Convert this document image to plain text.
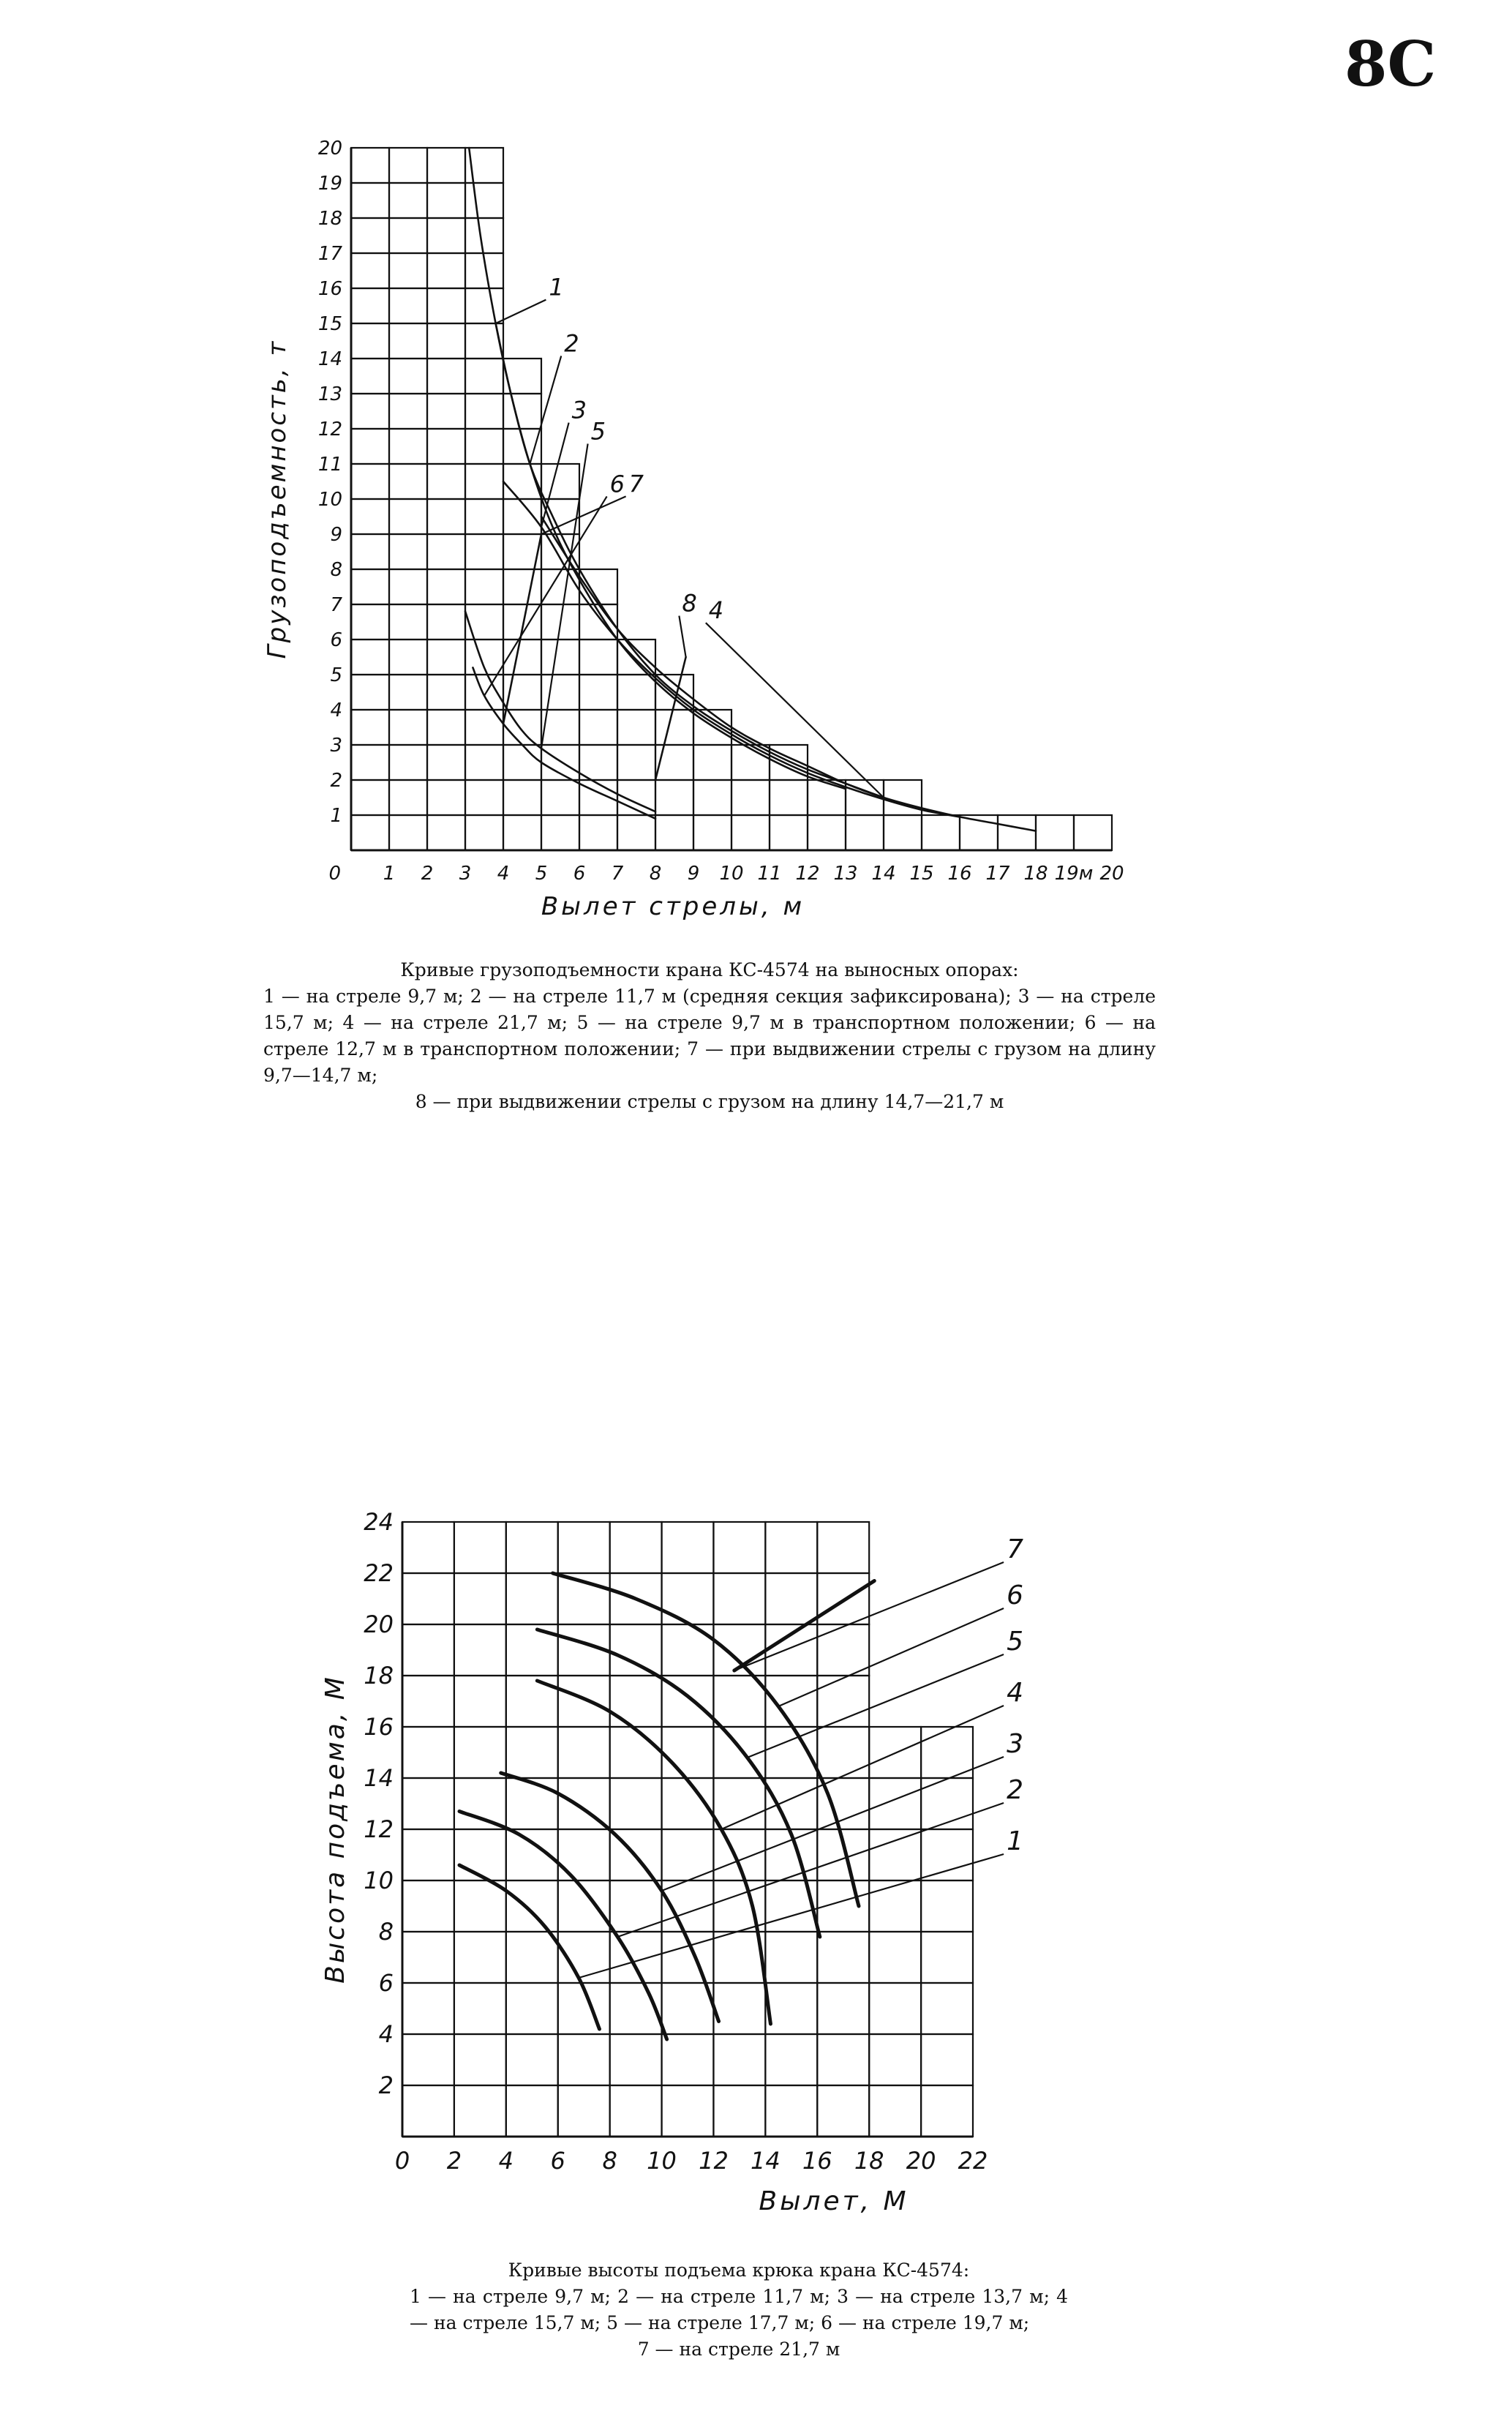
8C
1 2 3 4 5 6 7 8 9 10 11 12 13 14 15 16 17 18 19м 20
1
2
3
4
5
6
7
8
9
10
11
12
13
14
15
16
17
18
19
20
0
Вылет стрелы, м
Грузоподъемность, т
1
2
3
4
5
6 7
8
Кривые грузоподъемности крана КС-4574 на выносных опорах:
1 — на стреле 9,7 м; 2 — на стреле 11,7 м (средняя секция зафиксирована); 3 — на стреле 15,7 м; 4 — на стреле 21,7 м; 5 — на стреле 9,7 м в транспортном положении; 6 — на стреле 12,7 м в транспортном положении; 7 — при выдвижении стрелы с грузом на длину 9,7—14,7 м;
8 — при выдвижении стрелы с грузом на длину 14,7—21,7 м
0 2 4 6 8 10 12 14 16 18 20 22
2
4
6
8
10
12
14
16
18
20
22
24
Вылет, М
Высота подъема, М	1
2
3
4
5
6
7
Кривые высоты подъема крюка крана КС-4574:
1 — на стреле 9,7 м; 2 — на стреле 11,7 м; 3 — на стреле 13,7 м; 4 — на стреле 15,7 м; 5 — на стреле 17,7 м; 6 — на стреле 19,7 м;
7 — на стреле 21,7 м
